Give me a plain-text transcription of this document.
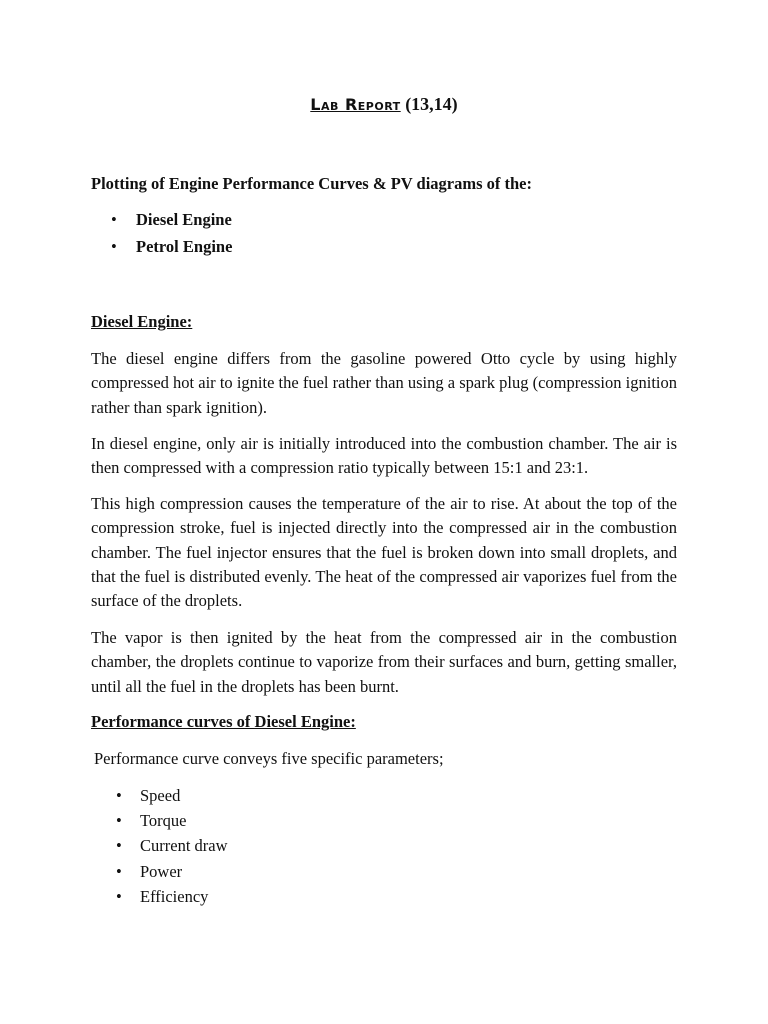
Lab Report (13,14)
Plotting of Engine Performance Curves & PV diagrams of the:
• Diesel Engine
• Petrol Engine
Diesel Engine:
The diesel engine differs from the gasoline powered Otto cycle by using highly compressed hot air to ignite the fuel rather than using a spark plug (compression ignition rather than spark ignition).
In diesel engine, only air is initially introduced into the combustion chamber. The air is then compressed with a compression ratio typically between 15:1 and 23:1.
This high compression causes the temperature of the air to rise. At about the top of the compression stroke, fuel is injected directly into the compressed air in the combustion chamber. The fuel injector ensures that the fuel is broken down into small droplets, and that the fuel is distributed evenly. The heat of the compressed air vaporizes fuel from the surface of the droplets.
The vapor is then ignited by the heat from the compressed air in the combustion chamber, the droplets continue to vaporize from their surfaces and burn, getting smaller, until all the fuel in the droplets has been burnt.
Performance curves of Diesel Engine:
Performance curve conveys five specific parameters;
• Speed
• Torque
• Current draw
• Power
• Efficiency
